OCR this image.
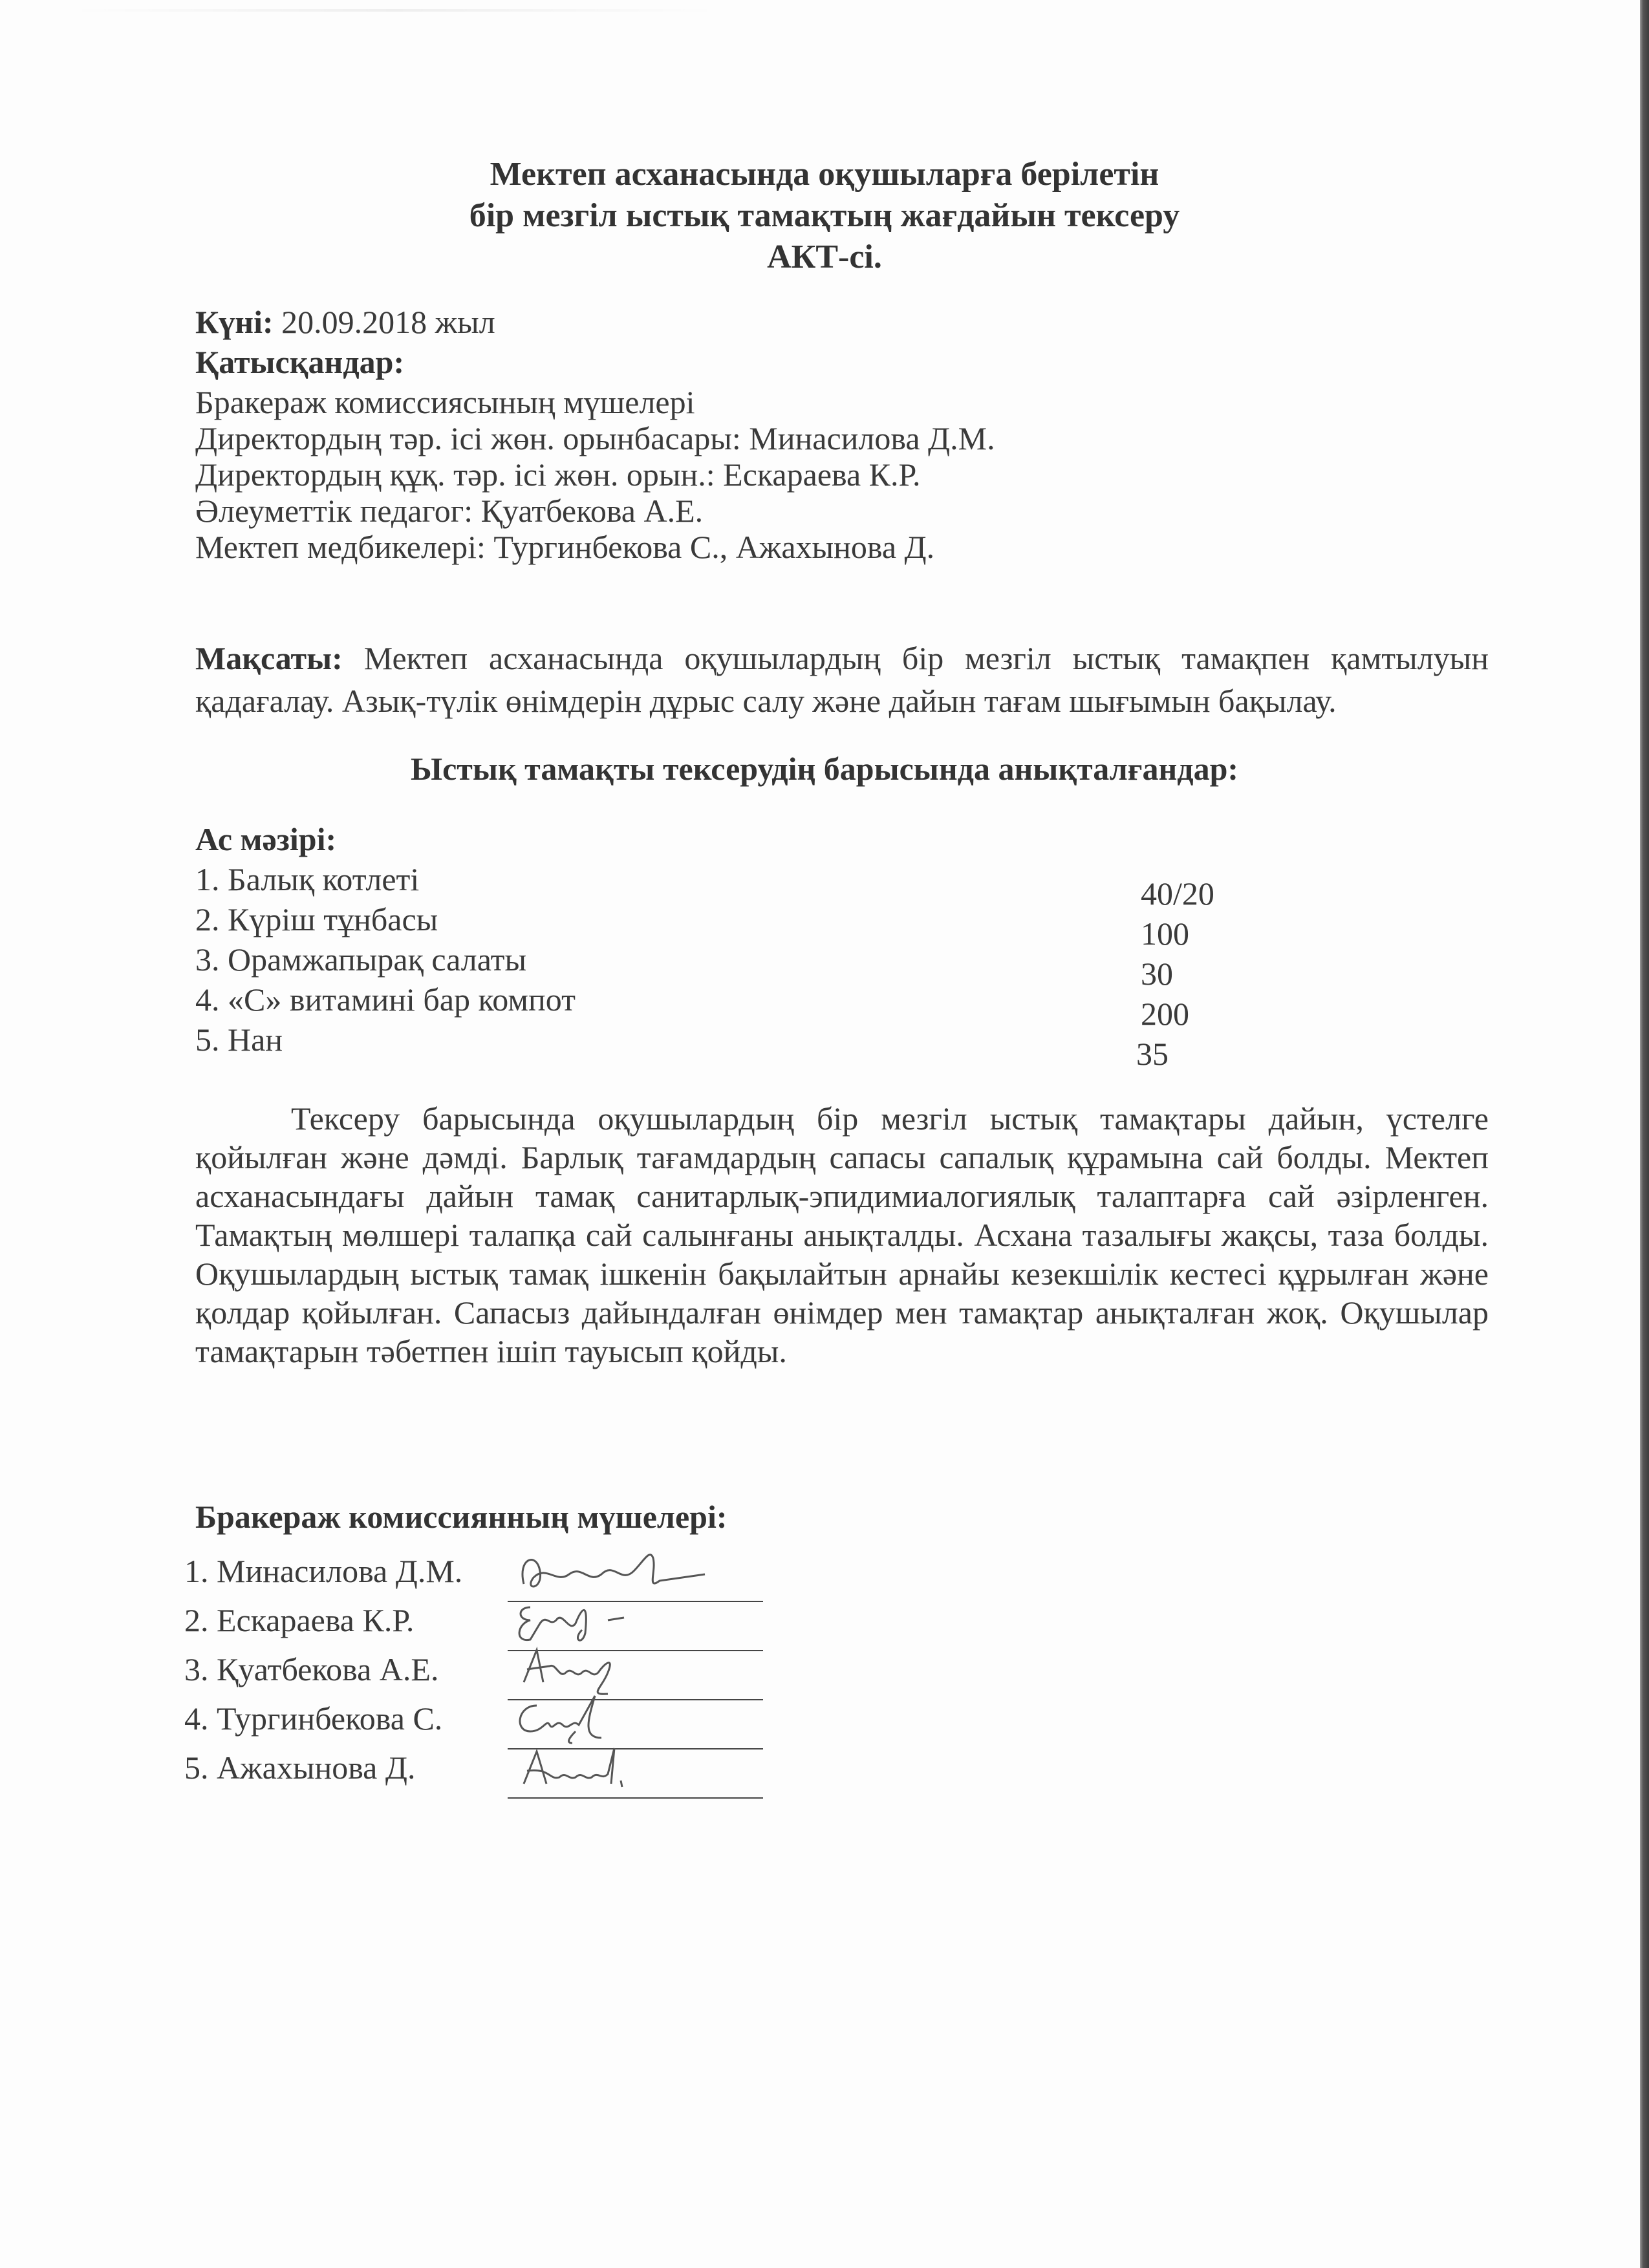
Мектеп асханасында оқушыларға берілетін
бір мезгіл ыстық тамақтың жағдайын тексеру
АКТ-сі.
Күні: 20.09.2018 жыл
Қатысқандар:
Бракераж комиссиясының мүшелері
Директордың тәр. ісі жөн. орынбасары: Минасилова Д.М.
Директордың құқ. тәр. ісі жөн. орын.: Ескараева К.Р.
Әлеуметтік педагог: Қуатбекова А.Е.
Мектеп медбикелері: Тургинбекова С., Ажахынова Д.
Мақсаты: Мектеп асханасында оқушылардың бір мезгіл ыстық тамақпен қамтылуын қадағалау. Азық-түлік өнімдерін дұрыс салу және дайын тағам шығымын бақылау.
Ыстық тамақты тексерудің барысында анықталғандар:
Ас мәзірі:
1. Балық котлеті	40/20
2. Күріш тұнбасы	100
3. Орамжапырақ салаты	30
4. «С» витамині бар компот	200
5. Нан	35
Тексеру барысында оқушылардың бір мезгіл ыстық тамақтары дайын, үстелге қойылған және дәмді. Барлық тағамдардың сапасы сапалық құрамына сай болды. Мектеп асханасындағы дайын тамақ санитарлық-эпидимиалогиялық талаптарға сай әзірленген. Тамақтың мөлшері талапқа сай салынғаны анықталды. Асхана тазалығы жақсы, таза болды. Оқушылардың ыстық тамақ ішкенін бақылайтын арнайы кезекшілік кестесі құрылған және қолдар қойылған. Сапасыз дайындалған өнімдер мен тамақтар анықталған жоқ. Оқушылар тамақтарын тәбетпен ішіп тауысып қойды.
Бракераж комиссиянның мүшелері:
1. Минасилова Д.М.
2. Ескараева К.Р.
3. Қуатбекова А.Е.
4. Тургинбекова С.
5. Ажахынова Д.
